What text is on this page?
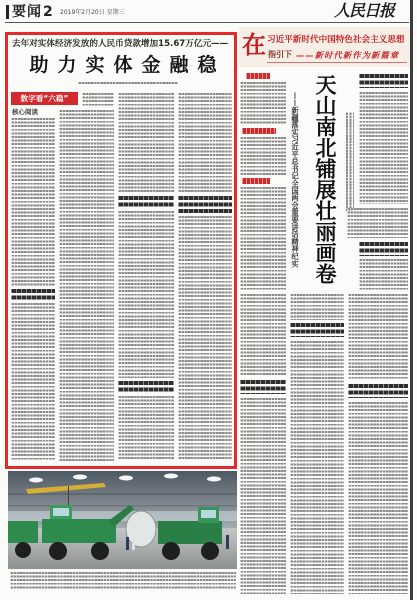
要闻 2 2019年2月20日 星期三	人民日报
去年对实体经济发放的人民币贷款增加15.67万亿元——
助力实体金融稳
数字看“六稳”
核心阅读
在 习近平新时代中国特色社会主义思想
指引下 ——新时代新作为新篇章
——新疆落实习近平总书记全国两会重要讲话精神纪实 天山南北铺展壮丽画卷
